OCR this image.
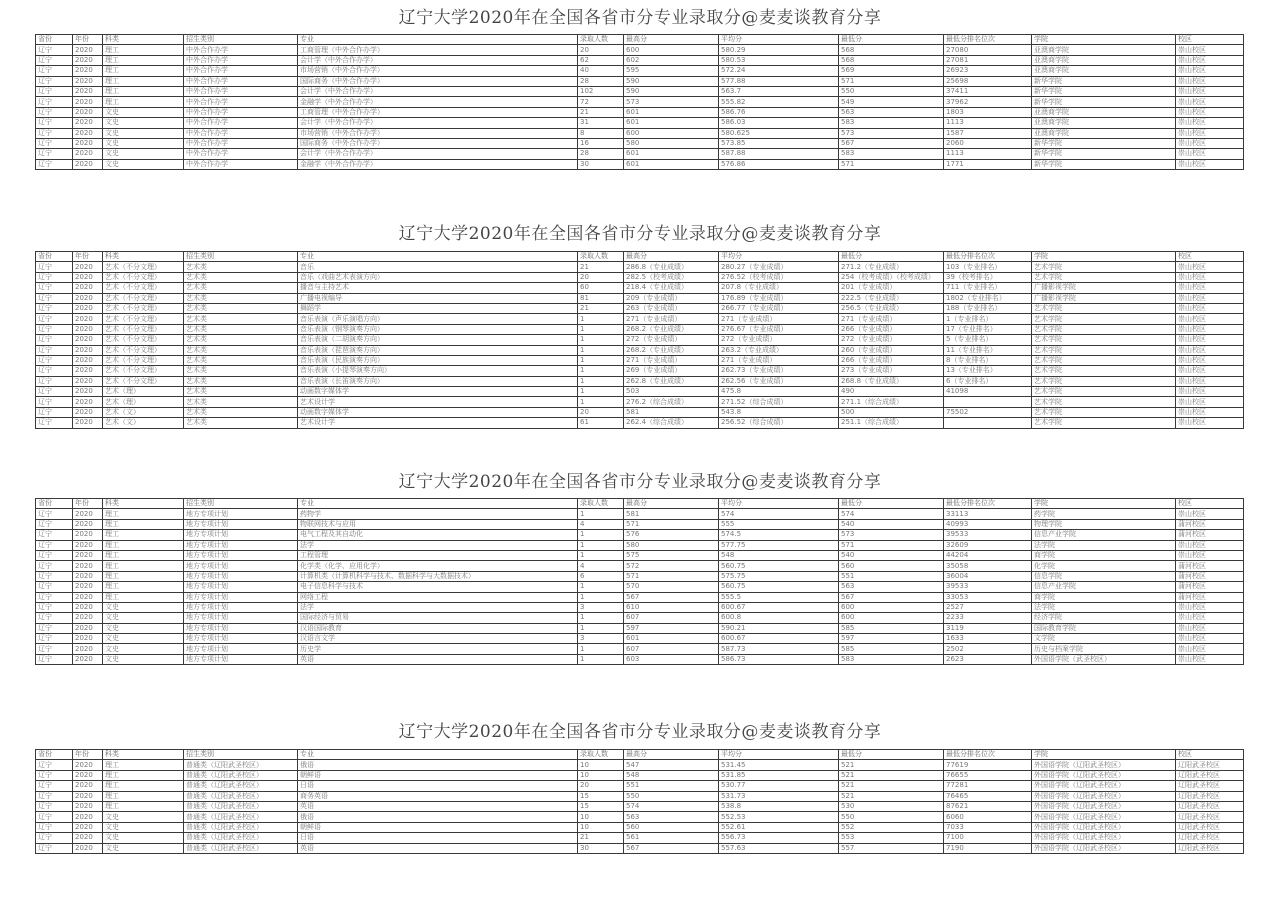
辽宁大学2020年在全国各省市分专业录取分@麦麦谈教育分享
省份	年份	科类	招生类别	专业	录取人数	最高分	平均分	最低分	最低分排名位次	学院	校区
辽宁	2020	理工	中外合作办学	工商管理（中外合作办学）	20	600	580.29	568	27080	亚澳商学院	崇山校区
辽宁	2020	理工	中外合作办学	会计学（中外合作办学）	62	602	580.53	568	27081	亚澳商学院	崇山校区
辽宁	2020	理工	中外合作办学	市场营销（中外合作办学）	40	595	572.24	569	26923	亚澳商学院	崇山校区
辽宁	2020	理工	中外合作办学	国际商务（中外合作办学）	28	590	577.88	571	25698	新华学院	崇山校区
辽宁	2020	理工	中外合作办学	会计学（中外合作办学）	102	590	563.7	550	37411	新华学院	崇山校区
辽宁	2020	理工	中外合作办学	金融学（中外合作办学）	72	573	555.82	549	37962	新华学院	崇山校区
辽宁	2020	文史	中外合作办学	工商管理（中外合作办学）	21	601	586.76	563	1803	亚澳商学院	崇山校区
辽宁	2020	文史	中外合作办学	会计学（中外合作办学）	31	601	586.03	583	1113	亚澳商学院	崇山校区
辽宁	2020	文史	中外合作办学	市场营销（中外合作办学）	8	600	580.625	573	1587	亚澳商学院	崇山校区
辽宁	2020	文史	中外合作办学	国际商务（中外合作办学）	16	580	573.85	567	2060	新华学院	崇山校区
辽宁	2020	文史	中外合作办学	会计学（中外合作办学）	28	601	587.88	583	1113	新华学院	崇山校区
辽宁	2020	文史	中外合作办学	金融学（中外合作办学）	30	601	576.86	571	1771	新华学院	崇山校区
辽宁大学2020年在全国各省市分专业录取分@麦麦谈教育分享
省份	年份	科类	招生类别	专业	录取人数	最高分	平均分	最低分	最低分排名位次	学院	校区
辽宁	2020	艺术（不分文理）	艺术类	音乐	21	286.8（专业成绩）	280.27（专业成绩）	271.2（专业成绩）	103（专业排名）	艺术学院	崇山校区
辽宁	2020	艺术（不分文理）	艺术类	音乐（戏曲艺术表演方向）	20	282.5（校考成绩）	276.52（校考成绩）	254（校考成绩）（校考成绩）	39（校考排名）	艺术学院	崇山校区
辽宁	2020	艺术（不分文理）	艺术类	播音与主持艺术	60	218.4（专业成绩）	207.8（专业成绩）	201（专业成绩）	711（专业排名）	广播影视学院	崇山校区
辽宁	2020	艺术（不分文理）	艺术类	广播电视编导	81	209（专业成绩）	176.89（专业成绩）	222.5（专业成绩）	1802（专业排名）	广播影视学院	崇山校区
辽宁	2020	艺术（不分文理）	艺术类	舞蹈学	21	263（专业成绩）	266.77（专业成绩）	256.5（专业成绩）	188（专业排名）	艺术学院	崇山校区
辽宁	2020	艺术（不分文理）	艺术类	音乐表演（声乐演唱方向）	1	271（专业成绩）	271（专业成绩）	271（专业成绩）	1（专业排名）	艺术学院	崇山校区
辽宁	2020	艺术（不分文理）	艺术类	音乐表演（钢琴演奏方向）	1	268.2（专业成绩）	276.67（专业成绩）	266（专业成绩）	17（专业排名）	艺术学院	崇山校区
辽宁	2020	艺术（不分文理）	艺术类	音乐表演（二胡演奏方向）	1	272（专业成绩）	272（专业成绩）	272（专业成绩）	5（专业排名）	艺术学院	崇山校区
辽宁	2020	艺术（不分文理）	艺术类	音乐表演（琵琶演奏方向）	1	268.2（专业成绩）	263.2（专业成绩）	260（专业成绩）	11（专业排名）	艺术学院	崇山校区
辽宁	2020	艺术（不分文理）	艺术类	音乐表演（民族演奏方向）	1	271（专业成绩）	271（专业成绩）	266（专业成绩）	8（专业排名）	艺术学院	崇山校区
辽宁	2020	艺术（不分文理）	艺术类	音乐表演（小提琴演奏方向）	1	269（专业成绩）	262.73（专业成绩）	273（专业成绩）	13（专业排名）	艺术学院	崇山校区
辽宁	2020	艺术（不分文理）	艺术类	音乐表演（长笛演奏方向）	1	262.8（专业成绩）	262.56（专业成绩）	268.8（专业成绩）	6（专业排名）	艺术学院	崇山校区
辽宁	2020	艺术（理）	艺术类	动画数字媒体学	1	503	475.8	490	41098	艺术学院	崇山校区
辽宁	2020	艺术（理）	艺术类	艺术设计学	1	276.2（综合成绩）	271.52（综合成绩）	271.1（综合成绩）		艺术学院	崇山校区
辽宁	2020	艺术（文）	艺术类	动画数字媒体学	20	581	543.8	500	75502	艺术学院	崇山校区
辽宁	2020	艺术（文）	艺术类	艺术设计学	61	262.4（综合成绩）	256.52（综合成绩）	251.1（综合成绩）		艺术学院	崇山校区
辽宁大学2020年在全国各省市分专业录取分@麦麦谈教育分享
省份	年份	科类	招生类别	专业	录取人数	最高分	平均分	最低分	最低分排名位次	学院	校区
辽宁	2020	理工	地方专项计划	药物学	1	581	574	574	33113	药学院	崇山校区
辽宁	2020	理工	地方专项计划	物联网技术与应用	4	571	555	540	40993	物理学院	蒲河校区
辽宁	2020	理工	地方专项计划	电气工程及其自动化	1	576	574.5	573	39533	信息产业学院	蒲河校区
辽宁	2020	理工	地方专项计划	法学	1	580	577.75	571	32609	法学院	崇山校区
辽宁	2020	理工	地方专项计划	工程管理	1	575	548	540	44204	商学院	崇山校区
辽宁	2020	理工	地方专项计划	化学类（化学、应用化学）	4	572	560.75	560	35058	化学院	蒲河校区
辽宁	2020	理工	地方专项计划	计算机类（计算机科学与技术、数据科学与大数据技术）	6	571	575.75	551	36004	信息学院	蒲河校区
辽宁	2020	理工	地方专项计划	电子信息科学与技术	1	570	560.75	563	39533	信息产业学院	蒲河校区
辽宁	2020	理工	地方专项计划	网络工程	1	567	555.5	567	33053	商学院	蒲河校区
辽宁	2020	文史	地方专项计划	法学	3	610	600.67	600	2527	法学院	崇山校区
辽宁	2020	文史	地方专项计划	国际经济与贸易	1	607	600.8	600	2233	经济学院	崇山校区
辽宁	2020	文史	地方专项计划	汉语国际教育	1	597	590.21	585	3119	国际教育学院	崇山校区
辽宁	2020	文史	地方专项计划	汉语言文学	3	601	600.67	597	1633	文学院	崇山校区
辽宁	2020	文史	地方专项计划	历史学	1	607	587.73	585	2502	历史与档案学院	崇山校区
辽宁	2020	文史	地方专项计划	英语	1	603	586.73	583	2623	外国语学院（武圣校区）	崇山校区
辽宁大学2020年在全国各省市分专业录取分@麦麦谈教育分享
省份	年份	科类	招生类别	专业	录取人数	最高分	平均分	最低分	最低分排名位次	学院	校区
辽宁	2020	理工	普通类（辽阳武圣校区）	俄语	10	547	531.45	521	77619	外国语学院（辽阳武圣校区）	辽阳武圣校区
辽宁	2020	理工	普通类（辽阳武圣校区）	朝鲜语	10	548	531.85	521	76655	外国语学院（辽阳武圣校区）	辽阳武圣校区
辽宁	2020	理工	普通类（辽阳武圣校区）	日语	20	551	530.77	521	77281	外国语学院（辽阳武圣校区）	辽阳武圣校区
辽宁	2020	理工	普通类（辽阳武圣校区）	商务英语	15	550	531.73	521	76465	外国语学院（辽阳武圣校区）	辽阳武圣校区
辽宁	2020	理工	普通类（辽阳武圣校区）	英语	15	574	538.8	530	87621	外国语学院（辽阳武圣校区）	辽阳武圣校区
辽宁	2020	文史	普通类（辽阳武圣校区）	俄语	10	563	552.53	550	6060	外国语学院（辽阳武圣校区）	辽阳武圣校区
辽宁	2020	文史	普通类（辽阳武圣校区）	朝鲜语	10	560	552.61	552	7033	外国语学院（辽阳武圣校区）	辽阳武圣校区
辽宁	2020	文史	普通类（辽阳武圣校区）	日语	21	561	556.73	553	7100	外国语学院（辽阳武圣校区）	辽阳武圣校区
辽宁	2020	文史	普通类（辽阳武圣校区）	英语	30	567	557.63	557	7190	外国语学院（辽阳武圣校区）	辽阳武圣校区
